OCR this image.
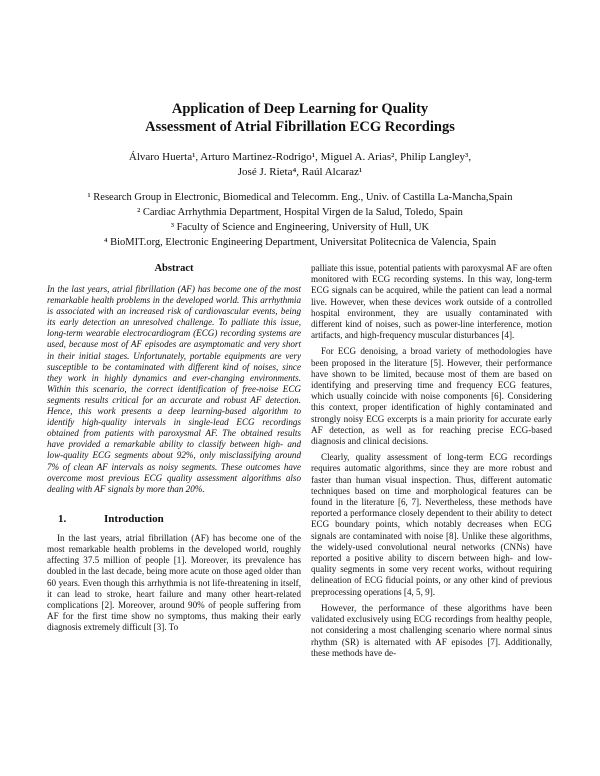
Application of Deep Learning for Quality
Assessment of Atrial Fibrillation ECG Recordings
Álvaro Huerta¹, Arturo Martinez-Rodrigo¹, Miguel A. Arias², Philip Langley³,
José J. Rieta⁴, Raúl Alcaraz¹
¹ Research Group in Electronic, Biomedical and Telecomm. Eng., Univ. of Castilla La-Mancha,Spain
² Cardiac Arrhythmia Department, Hospital Virgen de la Salud, Toledo, Spain
³ Faculty of Science and Engineering, University of Hull, UK
⁴ BioMIT.org, Electronic Engineering Department, Universitat Politecnica de Valencia, Spain
Abstract

In the last years, atrial fibrillation (AF) has become one of the most remarkable health problems in the developed world. This arrhythmia is associated with an increased risk of cardiovascular events, being its early detection an unresolved challenge. To palliate this issue, long-term wearable electrocardiogram (ECG) recording systems are used, because most of AF episodes are asymptomatic and very short in their initial stages. Unfortunately, portable equipments are very susceptible to be contaminated with different kind of noises, since they work in highly dynamics and ever-changing environments. Within this scenario, the correct identification of free-noise ECG segments results critical for an accurate and robust AF detection. Hence, this work presents a deep learning-based algorithm to identify high-quality intervals in single-lead ECG recordings obtained from patients with paroxysmal AF. The obtained results have provided a remarkable ability to classify between high- and low-quality ECG segments about 92%, only misclassifying around 7% of clean AF intervals as noisy segments. These outcomes have overcome most previous ECG quality assessment algorithms also dealing with AF signals by more than 20%.

1.	Introduction

In the last years, atrial fibrillation (AF) has become one of the most remarkable health problems in the developed world, roughly affecting 37.5 million of people [1]. Moreover, its prevalence has doubled in the last decade, being more acute on those aged older than 60 years. Even though this arrhythmia is not life-threatening in itself, it can lead to stroke, heart failure and many other heart-related complications [2]. Moreover, around 90% of people suffering from AF for the first time show no symptoms, thus making their early diagnosis extremely difficult [3]. To

palliate this issue, potential patients with paroxysmal AF are often monitored with ECG recording systems. In this way, long-term ECG signals can be acquired, while the patient can lead a normal live. However, when these devices work outside of a controlled hospital environment, they are usually contaminated with different kind of noises, such as power-line interference, motion artifacts, and high-frequency muscular disturbances [4].

For ECG denoising, a broad variety of methodologies have been proposed in the literature [5]. However, their performance have shown to be limited, because most of them are based on identifying and preserving time and frequency ECG features, which usually coincide with noise components [6]. Considering this context, proper identification of highly contaminated and strongly noisy ECG excerpts is a main priority for accurate early AF detection, as well as for reaching precise ECG-based diagnosis and clinical decisions.

Clearly, quality assessment of long-term ECG recordings requires automatic algorithms, since they are more robust and faster than human visual inspection. Thus, different automatic techniques based on time and morphological features can be found in the literature [6, 7]. Nevertheless, these methods have reported a performance closely dependent to their ability to detect ECG boundary points, which notably decreases when ECG signals are contaminated with noise [8]. Unlike these algorithms, the widely-used convolutional neural networks (CNNs) have reported a positive ability to discern between high- and low-quality segments in some very recent works, without requiring delineation of ECG fiducial points, or any other kind of previous preprocessing operations [4, 5, 9].

However, the performance of these algorithms have been validated exclusively using ECG recordings from healthy people, not considering a most challenging scenario where normal sinus rhythm (SR) is alternated with AF episodes [7]. Additionally, these methods have de-
